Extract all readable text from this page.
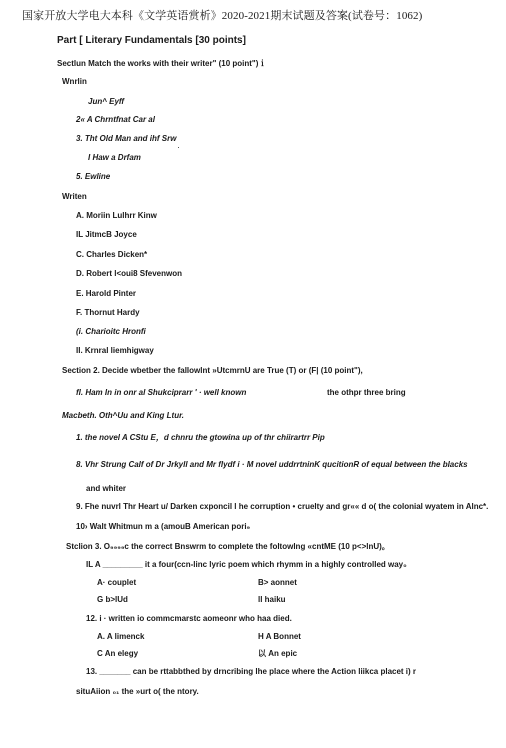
国家开放大学电大本科《文学英语赏析》2020-2021期末试题及答案(试卷号：1062)
Part [ Literary Fundamentals [30 points]
Sectlun Match the works with their writer" (10 point")ｉ
Wnrlin
Jun^ Eyff
2« A Chrntfnat Car al
3. Tht Old Man and ihf Srw
I Haw a Drfam
5. Ewline
Writen
A. Moriin Lulhrr Kinw
IL JitmcB Joyce
C. Charles Dicken*
D. Robert l<oui8 Sfevenwon
E. Harold Pinter
F. Thornut Hardy
(i. Charioitc Hronfi
II. Krnral liemhigway
Section 2. Decide wbetber the fallowlnt »UtcmrnU are True (T) or (F| (10 point"),
fl. Ham In in onr al Shukciprarr ' · well known	the othpr three bring
Macbeth. Oth^Uu and King Ltur.
1. the novel A CStu E，d chnru the gtowina up of thr chiirartrr Pip
8. Vhr Strung Calf of Dr Jrkyll and Mr flydf i · M novel uddrrtninK qucitionR of equal between the blacks
and whiter
9. Fhe nuvrl Thr Heart u/ Darken cxponcil l he corruption • cruelty and gr«« d o( the colonial wyatem in Alnc*.
10› Walt Whitmun m a (amouB American pori₉
Stclion 3. O₉₉₉₉c the correct Bnswrm to complete the foltowlng «cntME (10 p<>lnU)。
IL A _________ it a four(ccn-linc lyric poem which rhymm in a highly controlled way₀
A· couplet	B> aonnet
G b>lUd	ll haiku
12. i · written io commcmarstc aomeonr who haa died.
A. A limenck	H A Bonnet
C An elegy	以 An epic
13. _______ can be rttabbthed by drncribing lhe place where the Action liikca placet i) r
situAiion ₀₁ the »urt o( the ntory.
